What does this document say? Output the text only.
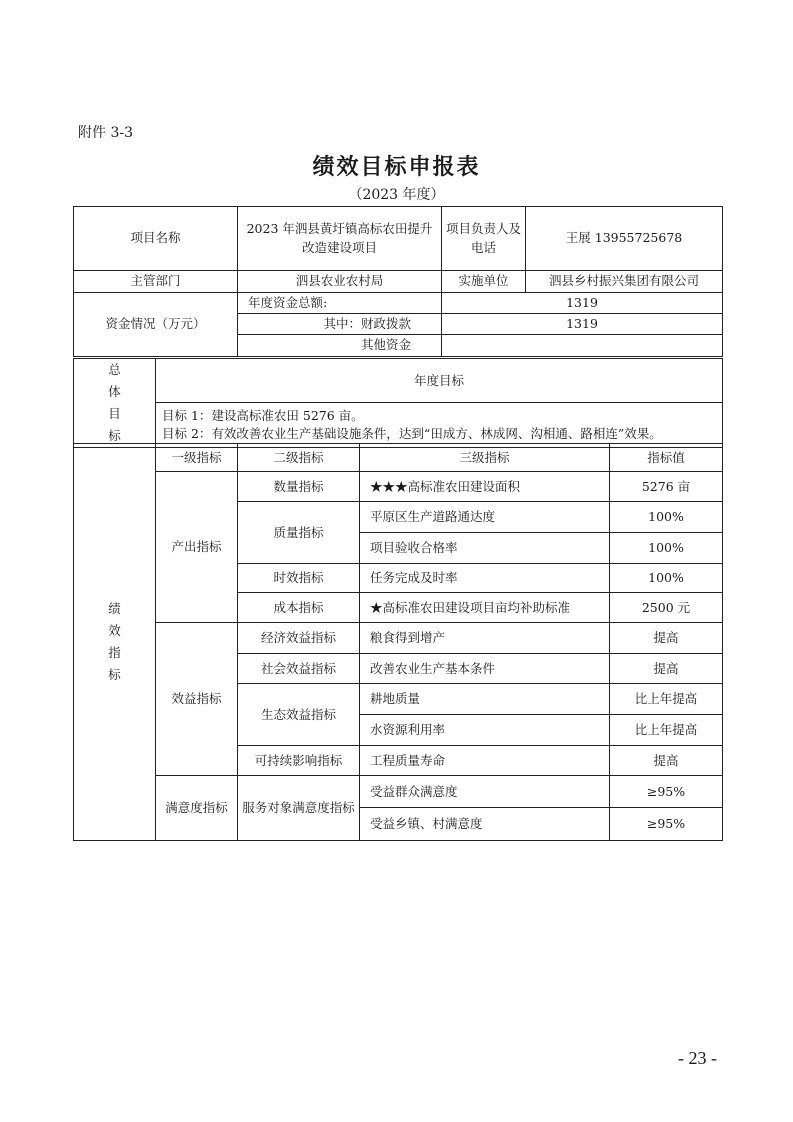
附件 3-3
绩效目标申报表
（2023 年度）
项目名称	2023 年泗县黄圩镇高标农田提升改造建设项目	项目负责人及电话	王展 13955725678
主管部门	泗县农业农村局	实施单位	泗县乡村振兴集团有限公司
资金情况（万元）	年度资金总额:	1319	
	其中：财政拨款	1319	
	其他资金		
总体目标	年度目标

目标 1：建设高标准农田 5276 亩。
目标 2：有效改善农业生产基础设施条件，达到“田成方、林成网、沟相通、路相连”效果。
绩效指标	一级指标	二级指标	三级指标	指标值
	产出指标	数量指标	★★★高标准农田建设面积	5276 亩
		质量指标	平原区生产道路通达度	100%
			项目验收合格率	100%
		时效指标	任务完成及时率	100%
		成本指标	★高标准农田建设项目亩均补助标准	2500 元
	效益指标	经济效益指标	粮食得到增产	提高
		社会效益指标	改善农业生产基本条件	提高
		生态效益指标	耕地质量	比上年提高
			水资源利用率	比上年提高
		可持续影响指标	工程质量寿命	提高
	满意度指标	服务对象满意度指标	受益群众满意度	≥95%
			受益乡镇、村满意度	≥95%
- 23 -
